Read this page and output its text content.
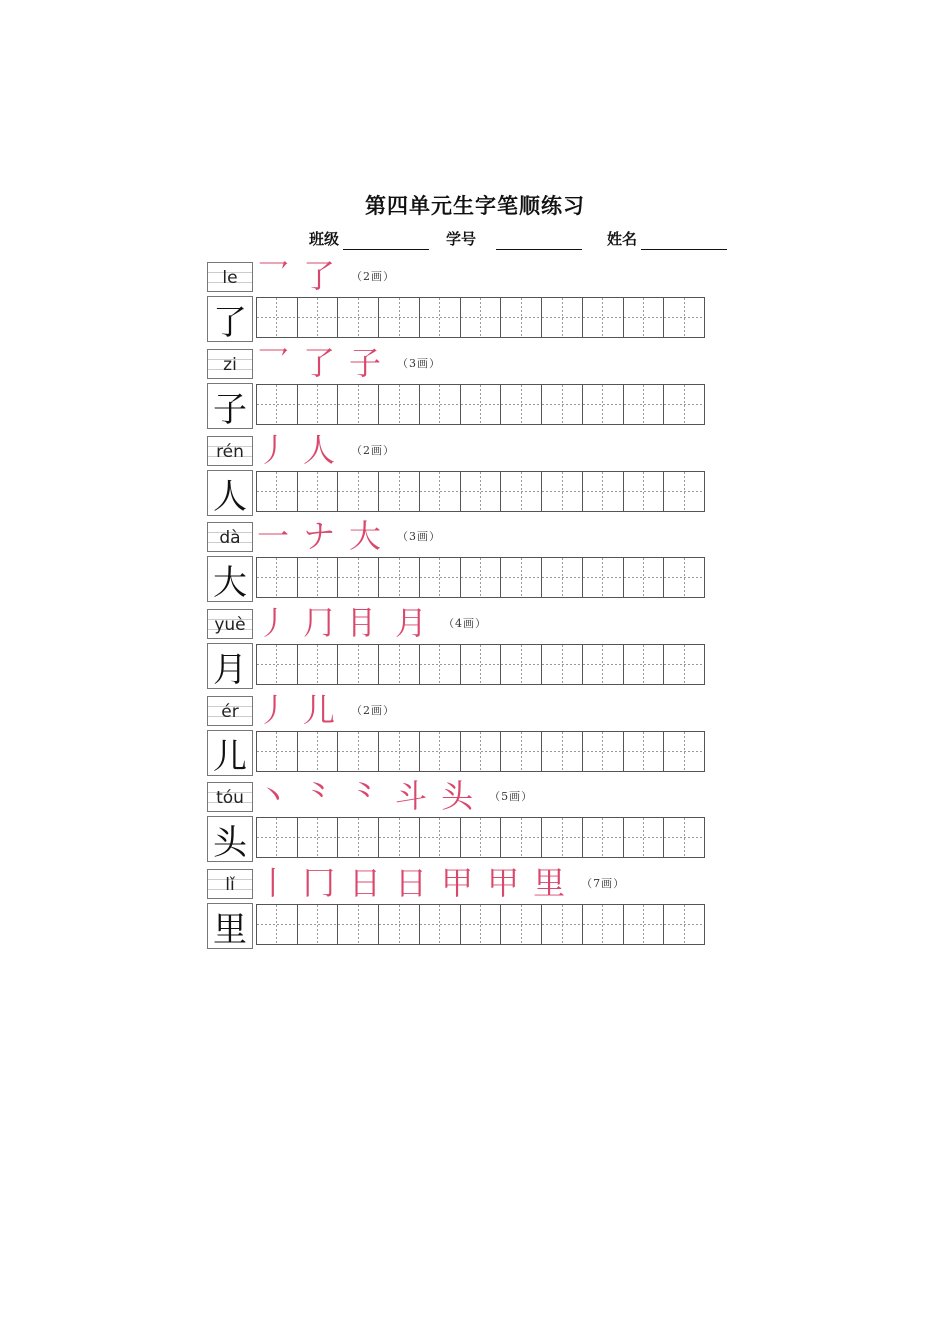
第四单元生字笔顺练习
班级	学号	姓名
le
了
乛 了 （2画）
zi
子
乛 了 子 （3画）
rén
人
丿 人 （2画）
dà
大
一 ナ 大 （3画）
yuè
月
丿 ⺆ ⺝ 月 （4画）
ér
儿
丿 儿 （2画）
tóu
头
丶 ⺀ ⺀ 斗 头 （5画）
lǐ
里
丨 冂 日 日 甲 甲 里 （7画）
